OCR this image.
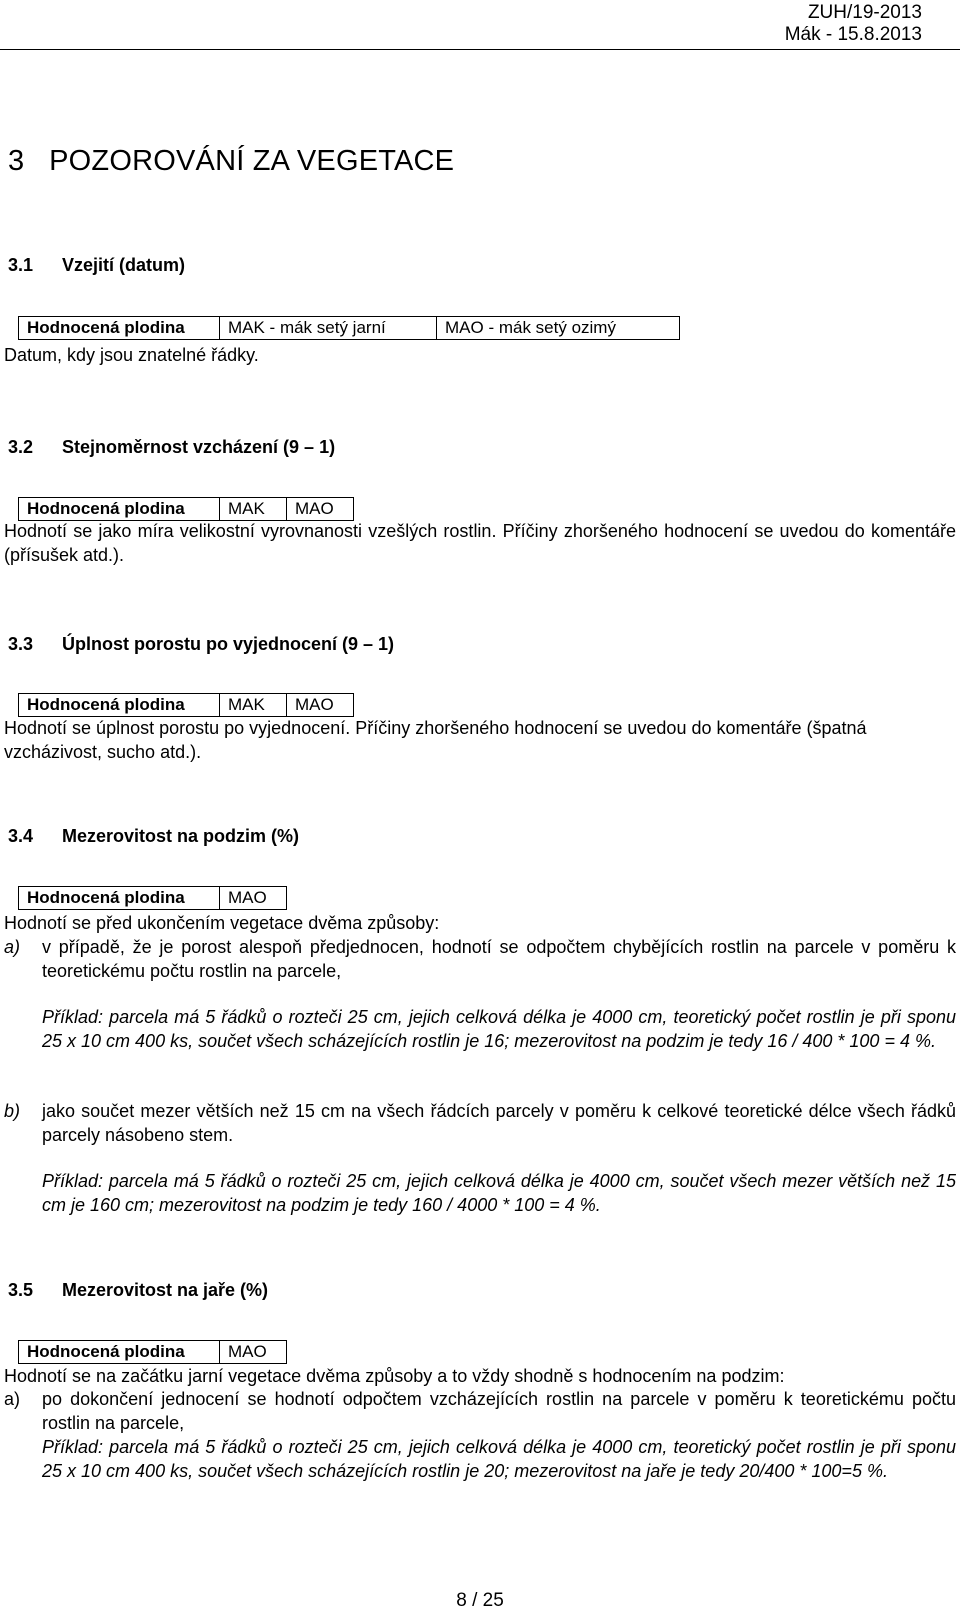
ZUH/19-2013
Mák - 15.8.2013
3 POZOROVÁNÍ ZA VEGETACE
3.1 Vzejití (datum)
Hodnocená plodina	MAK - mák setý jarní	MAO - mák setý ozimý
Datum, kdy jsou znatelné řádky.
3.2 Stejnoměrnost vzcházení (9 – 1)
Hodnocená plodina	MAK	MAO
Hodnotí se jako míra velikostní vyrovnanosti vzešlých rostlin. Příčiny zhoršeného hodnocení se uvedou do komentáře (přísušek atd.).
3.3 Úplnost porostu po vyjednocení (9 – 1)
Hodnocená plodina	MAK	MAO
Hodnotí se úplnost porostu po vyjednocení. Příčiny zhoršeného hodnocení se uvedou do komentáře (špatná vzcházivost, sucho atd.).
3.4 Mezerovitost na podzim (%)
Hodnocená plodina	MAO
Hodnotí se před ukončením vegetace dvěma způsoby:
a) v případě, že je porost alespoň předjednocen, hodnotí se odpočtem chybějících rostlin na parcele v poměru k teoretickému počtu rostlin na parcele,
Příklad: parcela má 5 řádků o rozteči 25 cm, jejich celková délka je 4000 cm, teoretický počet rostlin je při sponu 25 x 10 cm 400 ks, součet všech scházejících rostlin je 16; mezerovitost na podzim je tedy 16 / 400 * 100 = 4 %.
b) jako součet mezer větších než 15 cm na všech řádcích parcely v poměru k celkové teoretické délce všech řádků parcely násobeno stem.
Příklad: parcela má 5 řádků o rozteči 25 cm, jejich celková délka je 4000 cm, součet všech mezer větších než 15 cm je 160 cm; mezerovitost na podzim je tedy 160 / 4000 * 100 = 4 %.
3.5 Mezerovitost na jaře (%)
Hodnocená plodina	MAO
Hodnotí se na začátku jarní vegetace dvěma způsoby a to vždy shodně s hodnocením na podzim:
a) po dokončení jednocení se hodnotí odpočtem vzcházejících rostlin na parcele v poměru k teoretickému počtu rostlin na parcele,
Příklad: parcela má 5 řádků o rozteči 25 cm, jejich celková délka je 4000 cm, teoretický počet rostlin je při sponu 25 x 10 cm 400 ks, součet všech scházejících rostlin je 20; mezerovitost na jaře je tedy 20/400 * 100=5 %.
8 / 25
